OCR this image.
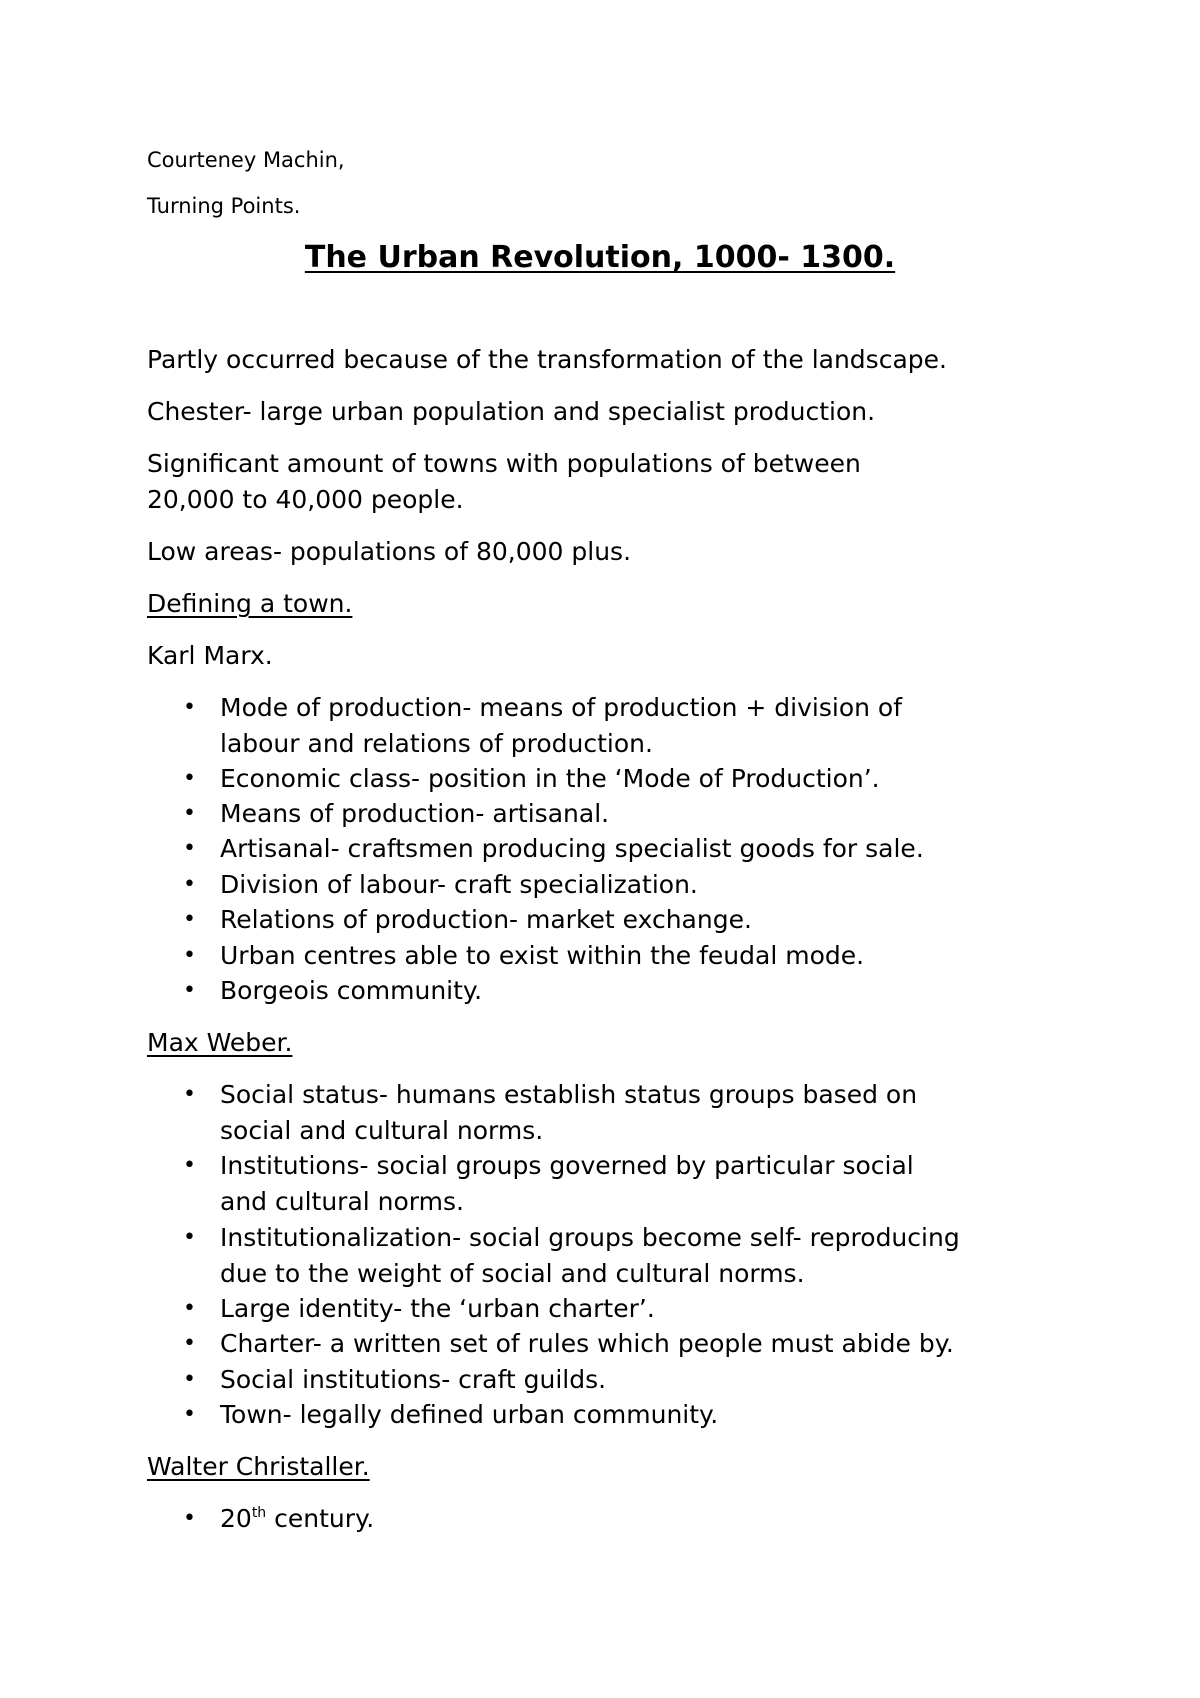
Courteney Machin,
Turning Points.
The Urban Revolution, 1000- 1300.
Partly occurred because of the transformation of the landscape.
Chester- large urban population and specialist production.
Significant amount of towns with populations of between
20,000 to 40,000 people.
Low areas- populations of 80,000 plus.
Defining a town.
Karl Marx.
• Mode of production- means of production + division of
labour and relations of production.
• Economic class- position in the ‘Mode of Production’.
• Means of production- artisanal.
• Artisanal- craftsmen producing specialist goods for sale.
• Division of labour- craft specialization.
• Relations of production- market exchange.
• Urban centres able to exist within the feudal mode.
• Borgeois community.
Max Weber.
• Social status- humans establish status groups based on
social and cultural norms.
• Institutions- social groups governed by particular social
and cultural norms.
• Institutionalization- social groups become self- reproducing
due to the weight of social and cultural norms.
• Large identity- the ‘urban charter’.
• Charter- a written set of rules which people must abide by.
• Social institutions- craft guilds.
• Town- legally defined urban community.
Walter Christaller.
• 20th century.
